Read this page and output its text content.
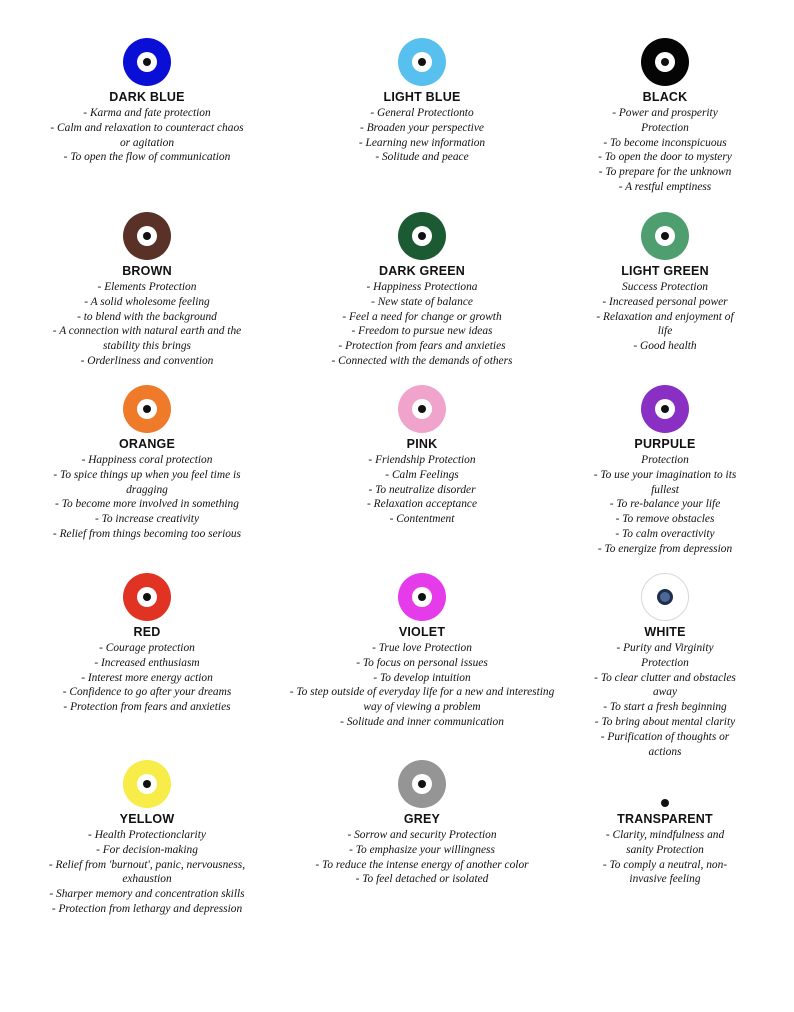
DARK BLUE
- Karma and fate protection
- Calm and relaxation to counteract chaos
or agitation
- To open the flow of communication
LIGHT BLUE
- General Protectionto
- Broaden your perspective
- Learning new information
- Solitude and peace
BLACK
- Power and prosperity
Protection
- To become inconspicuous
- To open the door to mystery
- To prepare for the unknown
- A restful emptiness
BROWN
- Elements Protection
- A solid wholesome feeling
- to blend with the background
- A connection with natural earth and the
stability this brings
- Orderliness and convention
DARK GREEN
- Happiness Protectiona
- New state of balance
- Feel a need for change or growth
- Freedom to pursue new ideas
- Protection from fears and anxieties
- Connected with the demands of others
LIGHT GREEN
Success Protection
- Increased personal power
- Relaxation and enjoyment of
life
- Good health
ORANGE
- Happiness coral protection
- To spice things up when you feel time is
dragging
- To become more involved in something
- To increase creativity
- Relief from things becoming too serious
PINK
- Friendship Protection
- Calm Feelings
- To neutralize disorder
- Relaxation acceptance
- Contentment
PURPULE
Protection
- To use your imagination to its
fullest
- To re-balance your life
- To remove obstacles
- To calm overactivity
- To energize from depression
RED
- Courage protection
- Increased enthusiasm
- Interest more energy action
- Confidence to go after your dreams
- Protection from fears and anxieties
VIOLET
- True love Protection
- To focus on personal issues
- To develop intuition
- To step outside of everyday life for a new and interesting
way of viewing a problem
- Solitude and inner communication
WHITE
- Purity and Virginity
Protection
- To clear clutter and obstacles
away
- To start a fresh beginning
- To bring about mental clarity
- Purification of thoughts or
actions
YELLOW
- Health Protectionclarity
- For decision-making
- Relief from 'burnout', panic, nervousness,
exhaustion
- Sharper memory and concentration skills
- Protection from lethargy and depression
GREY
- Sorrow and security Protection
- To emphasize your willingness
- To reduce the intense energy of another color
- To feel detached or isolated
TRANSPARENT
- Clarity, mindfulness and
sanity Protection
- To comply a neutral, non-
invasive feeling
